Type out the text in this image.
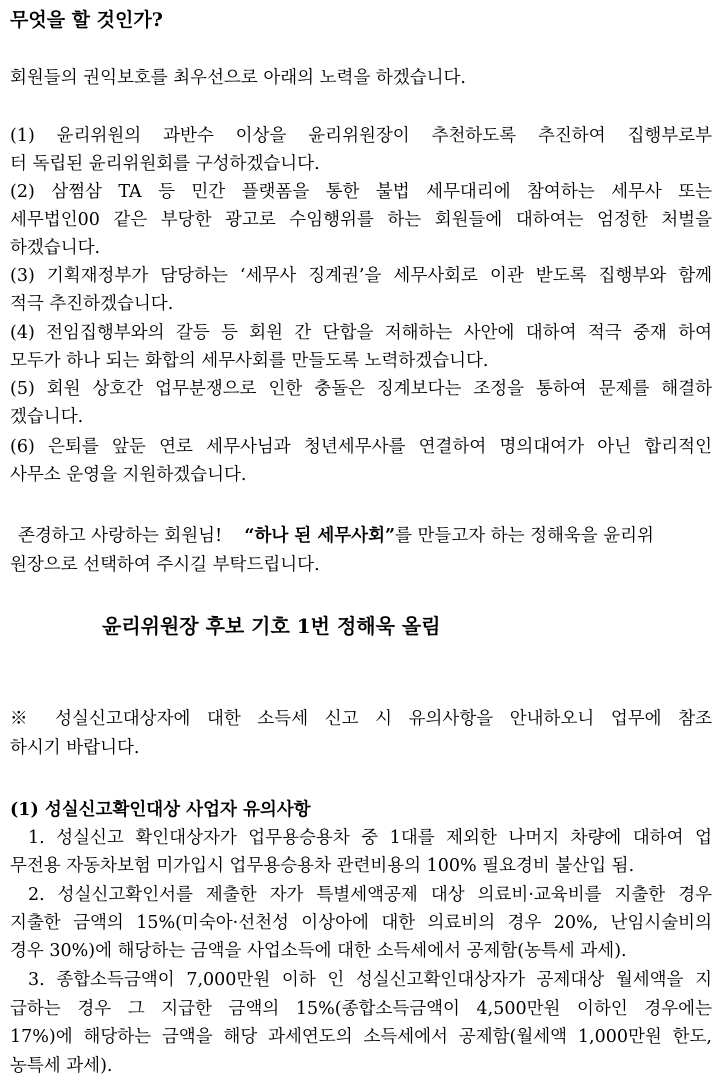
무엇을 할 것인가?
회원들의 권익보호를 최우선으로 아래의 노력을 하겠습니다.
(1) 윤리위원의 과반수 이상을 윤리위원장이 추천하도록 추진하여 집행부로부
터 독립된 윤리위원회를 구성하겠습니다.
(2) 삼쩜삼 TA 등 민간 플랫폼을 통한 불법 세무대리에 참여하는 세무사 또는
세무법인00 같은 부당한 광고로 수임행위를 하는 회원들에 대하여는 엄정한 처벌을
하겠습니다.
(3) 기획재정부가 담당하는 ‘세무사 징계권’을 세무사회로 이관 받도록 집행부와 함께
적극 추진하겠습니다.
(4) 전임집행부와의 갈등 등 회원 간 단합을 저해하는 사안에 대하여 적극 중재 하여
모두가 하나 되는 화합의 세무사회를 만들도록 노력하겠습니다.
(5) 회원 상호간 업무분쟁으로 인한 충돌은 징계보다는 조정을 통하여 문제를 해결하
겠습니다.
(6) 은퇴를 앞둔 연로 세무사님과 청년세무사를 연결하여 명의대여가 아닌 합리적인
사무소 운영을 지원하겠습니다.
존경하고 사랑하는 회원님! “하나 된 세무사회”를 만들고자 하는 정해욱을 윤리위
원장으로 선택하여 주시길 부탁드립니다.
윤리위원장 후보 기호 1번 정해욱 올림
※ 성실신고대상자에 대한 소득세 신고 시 유의사항을 안내하오니 업무에 참조
하시기 바랍니다.
(1) 성실신고확인대상 사업자 유의사항
1. 성실신고 확인대상자가 업무용승용차 중 1대를 제외한 나머지 차량에 대하여 업
무전용 자동차보험 미가입시 업무용승용차 관련비용의 100% 필요경비 불산입 됨.
2. 성실신고확인서를 제출한 자가 특별세액공제 대상 의료비·교육비를 지출한 경우
지출한 금액의 15%(미숙아·선천성 이상아에 대한 의료비의 경우 20%, 난임시술비의
경우 30%)에 해당하는 금액을 사업소득에 대한 소득세에서 공제함(농특세 과세).
3. 종합소득금액이 7,000만원 이하 인 성실신고확인대상자가 공제대상 월세액을 지
급하는 경우 그 지급한 금액의 15%(종합소득금액이 4,500만원 이하인 경우에는
17%)에 해당하는 금액을 해당 과세연도의 소득세에서 공제함(월세액 1,000만원 한도,
농특세 과세).
